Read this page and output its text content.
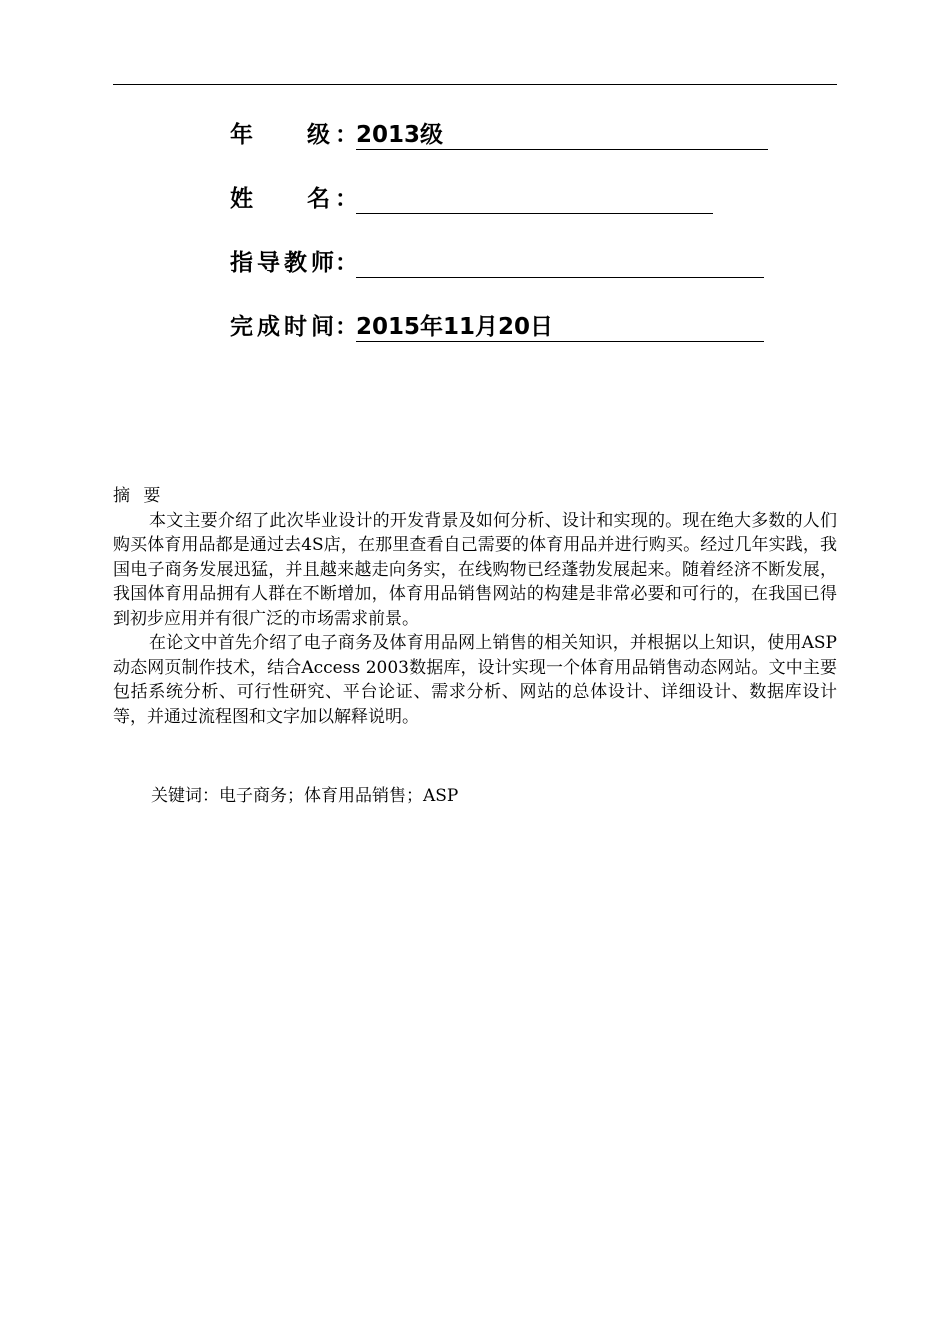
年 级 ：
2013级
姓 名 ：
指 导 教 师 ：
完 成 时 间 ：
2015年11月20日
摘 要

本文主要介绍了此次毕业设计的开发背景及如何分析、设计和实现的。现在绝大多数的人们购买体育用品都是通过去4S店，在那里查看自己需要的体育用品并进行购买。经过几年实践，我国电子商务发展迅猛，并且越来越走向务实，在线购物已经蓬勃发展起来。随着经济不断发展，我国体育用品拥有人群在不断增加，体育用品销售网站的构建是非常必要和可行的，在我国已得到初步应用并有很广泛的市场需求前景。

在论文中首先介绍了电子商务及体育用品网上销售的相关知识，并根据以上知识，使用ASP动态网页制作技术，结合Access 2003数据库，设计实现一个体育用品销售动态网站。文中主要包括系统分析、可行性研究、平台论证、需求分析、网站的总体设计、详细设计、数据库设计等，并通过流程图和文字加以解释说明。

关键词：电子商务；体育用品销售；ASP
